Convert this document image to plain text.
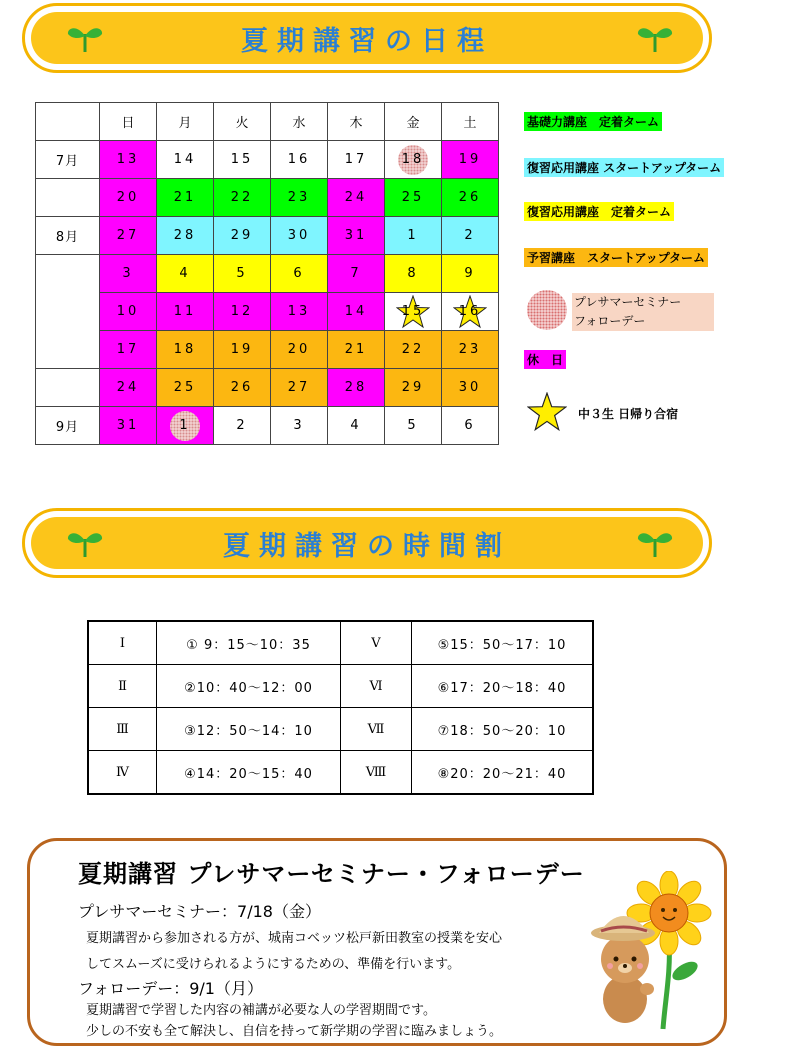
夏期講習の日程
	日	月	火	水	木	金	土
7月	13	14	15	16	17	18	19
	20	21	22	23	24	25	26
8月	27	28	29	30	31	1	2
	3	4	5	6	7	8	9
	10	11	12	13	14	15	16
	17	18	19	20	21	22	23
	24	25	26	27	28	29	30
9月	31	1	2	3	4	5	6
基礎力講座　定着ターム
復習応用講座 スタートアップターム
復習応用講座　定着ターム
予習講座　スタートアップターム
プレサマーセミナー
フォローデー
休　日
中３生 日帰り合宿
夏期講習の時間割
Ⅰ	① 9：15～10：35	Ⅴ	⑤15：50～17：10
Ⅱ	②10：40～12：00	Ⅵ	⑥17：20～18：40
Ⅲ	③12：50～14：10	Ⅶ	⑦18：50～20：10
Ⅳ	④14：20～15：40	Ⅷ	⑧20：20～21：40
夏期講習 プレサマーセミナー・フォローデー
プレサマーセミナー：7/18（金）
夏期講習から参加される方が、城南コベッツ松戸新田教室の授業を安心
してスムーズに受けられるようにするための、準備を行います。
フォローデー：9/1（月）
夏期講習で学習した内容の補講が必要な人の学習期間です。
少しの不安も全て解決し、自信を持って新学期の学習に臨みましょう。
